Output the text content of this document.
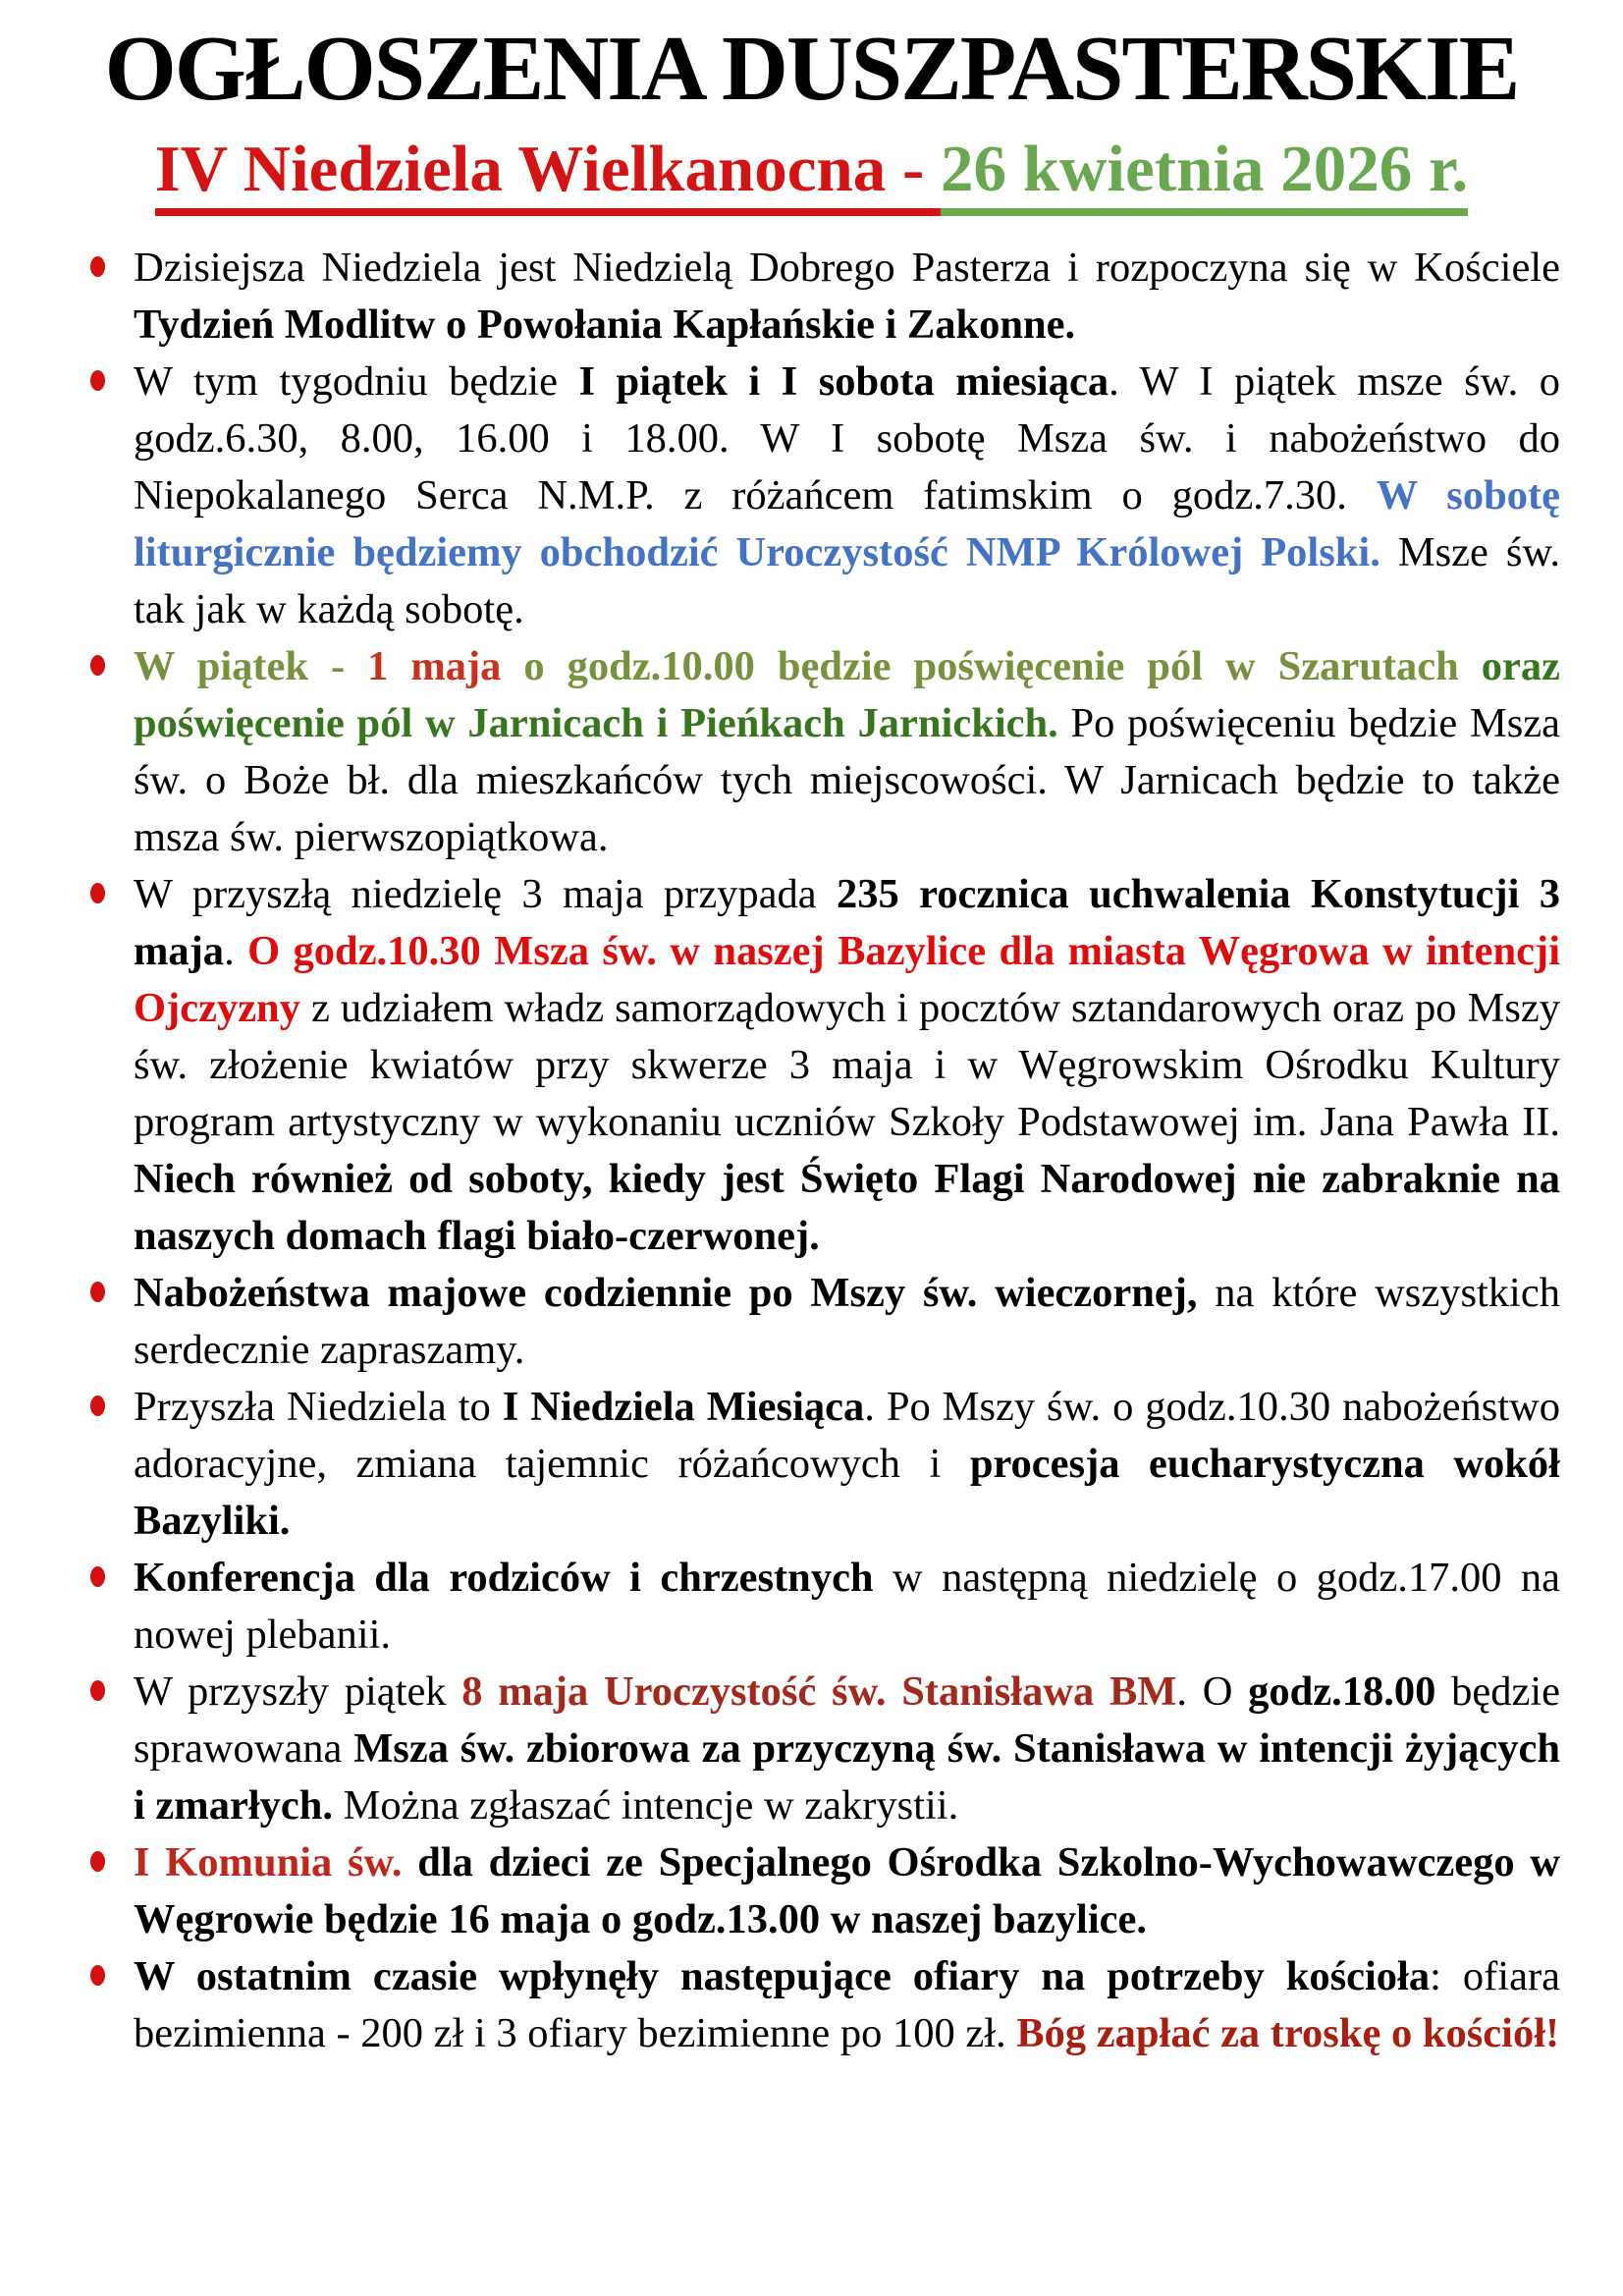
OGŁOSZENIA DUSZPASTERSKIE
IV Niedziela Wielkanocna - 26 kwietnia 2026 r.
Dzisiejsza Niedziela jest Niedzielą Dobrego Pasterza i rozpoczyna się w Kościele Tydzień Modlitw o Powołania Kapłańskie i Zakonne.
W tym tygodniu będzie I piątek i I sobota miesiąca. W I piątek msze św. o godz.6.30, 8.00, 16.00 i 18.00. W I sobotę Msza św. i nabożeństwo do Niepokalanego Serca N.M.P. z różańcem fatimskim o godz.7.30. W sobotę liturgicznie będziemy obchodzić Uroczystość NMP Królowej Polski. Msze św. tak jak w każdą sobotę.
W piątek - 1 maja o godz.10.00 będzie poświęcenie pól w Szarutach oraz poświęcenie pól w Jarnicach i Pieńkach Jarnickich. Po poświęceniu będzie Msza św. o Boże bł. dla mieszkańców tych miejscowości. W Jarnicach będzie to także msza św. pierwszopiątkowa.
W przyszłą niedzielę 3 maja przypada 235 rocznica uchwalenia Konstytucji 3 maja. O godz.10.30 Msza św. w naszej Bazylice dla miasta Węgrowa w intencji Ojczyzny z udziałem władz samorządowych i pocztów sztandarowych oraz po Mszy św. złożenie kwiatów przy skwerze 3 maja i w Węgrowskim Ośrodku Kultury program artystyczny w wykonaniu uczniów Szkoły Podstawowej im. Jana Pawła II. Niech również od soboty, kiedy jest Święto Flagi Narodowej nie zabraknie na naszych domach flagi biało-czerwonej.
Nabożeństwa majowe codziennie po Mszy św. wieczornej, na które wszystkich serdecznie zapraszamy.
Przyszła Niedziela to I Niedziela Miesiąca. Po Mszy św. o godz.10.30 nabożeństwo adoracyjne, zmiana tajemnic różańcowych i procesja eucharystyczna wokół Bazyliki.
Konferencja dla rodziców i chrzestnych w następną niedzielę o godz.17.00 na nowej plebanii.
W przyszły piątek 8 maja Uroczystość św. Stanisława BM. O godz.18.00 będzie sprawowana Msza św. zbiorowa za przyczyną św. Stanisława w intencji żyjących i zmarłych. Można zgłaszać intencje w zakrystii.
I Komunia św. dla dzieci ze Specjalnego Ośrodka Szkolno-Wychowawczego w Węgrowie będzie 16 maja o godz.13.00 w naszej bazylice.
W ostatnim czasie wpłynęły następujące ofiary na potrzeby kościoła: ofiara bezimienna - 200 zł i 3 ofiary bezimienne po 100 zł. Bóg zapłać za troskę o kościół!
